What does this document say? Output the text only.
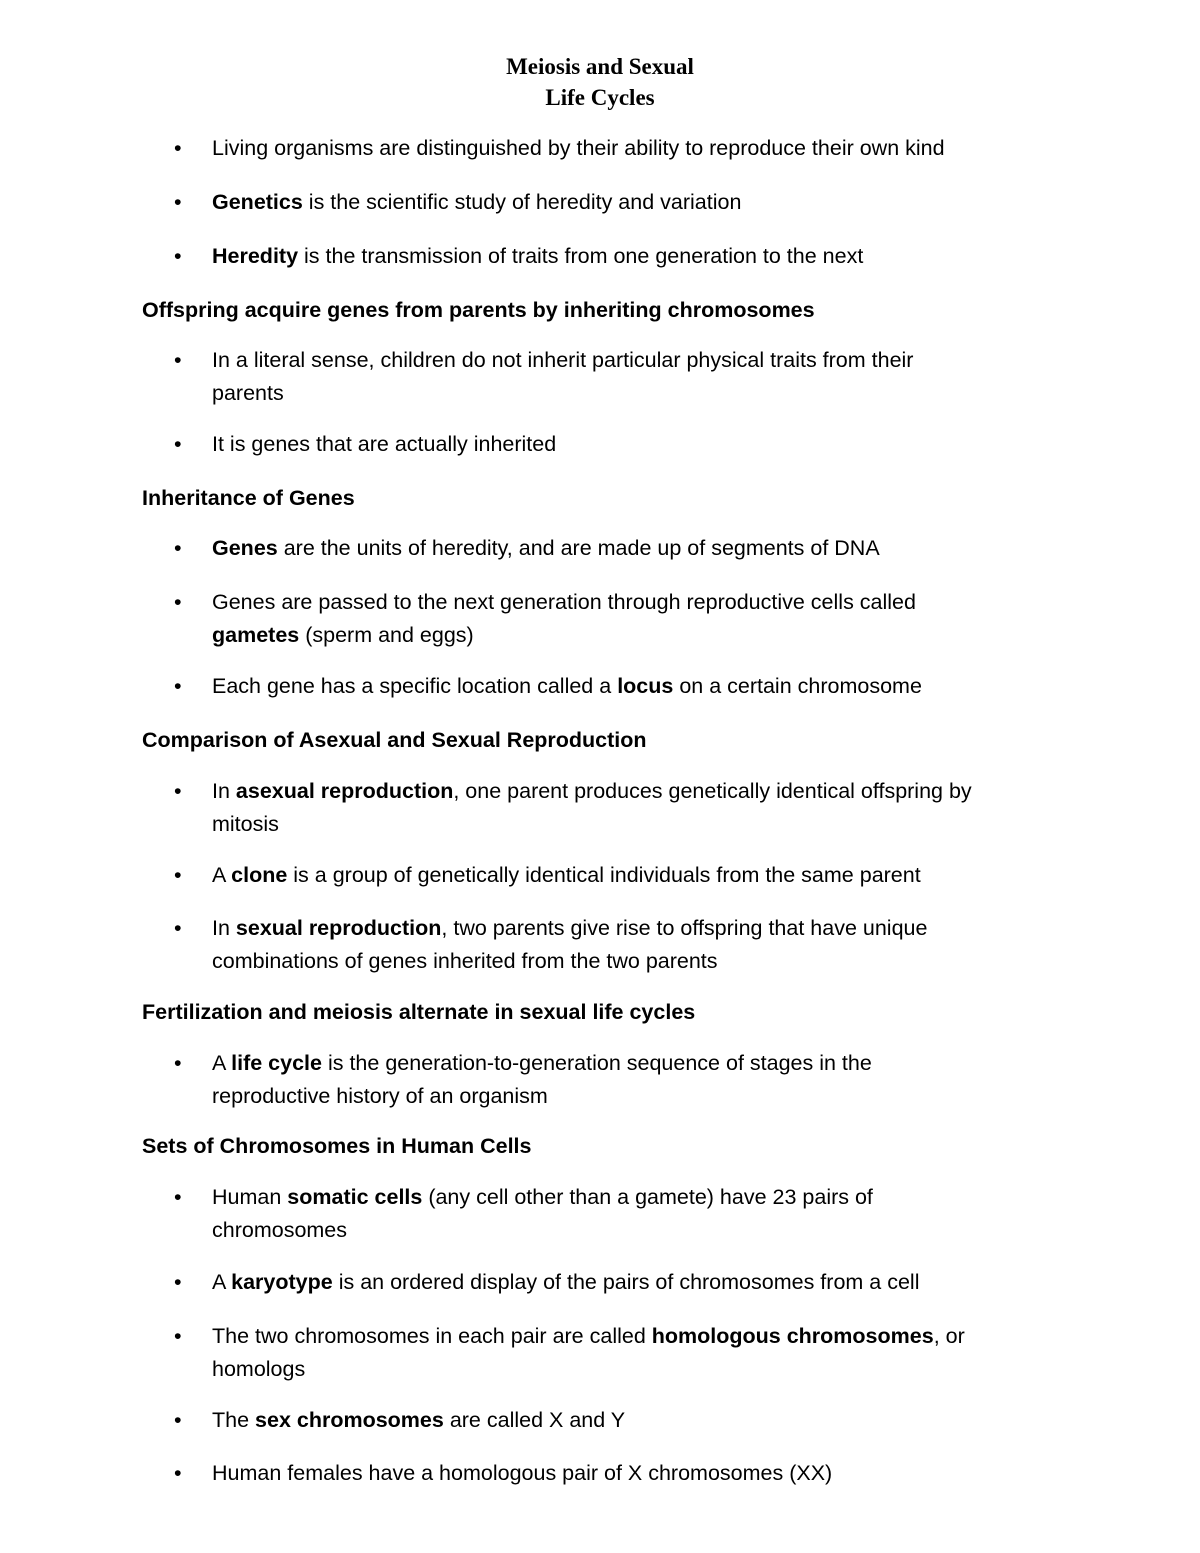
Meiosis and Sexual
Life Cycles
• Living organisms are distinguished by their ability to reproduce their own kind
• Genetics is the scientific study of heredity and variation
• Heredity is the transmission of traits from one generation to the next
Offspring acquire genes from parents by inheriting chromosomes
• In a literal sense, children do not inherit particular physical traits from their
parents
• It is genes that are actually inherited
Inheritance of Genes
• Genes are the units of heredity, and are made up of segments of DNA
• Genes are passed to the next generation through reproductive cells called
gametes (sperm and eggs)
• Each gene has a specific location called a locus on a certain chromosome
Comparison of Asexual and Sexual Reproduction
• In asexual reproduction, one parent produces genetically identical offspring by
mitosis
• A clone is a group of genetically identical individuals from the same parent
• In sexual reproduction, two parents give rise to offspring that have unique
combinations of genes inherited from the two parents
Fertilization and meiosis alternate in sexual life cycles
• A life cycle is the generation-to-generation sequence of stages in the
reproductive history of an organism
Sets of Chromosomes in Human Cells
• Human somatic cells (any cell other than a gamete) have 23 pairs of
chromosomes
• A karyotype is an ordered display of the pairs of chromosomes from a cell
• The two chromosomes in each pair are called homologous chromosomes, or
homologs
• The sex chromosomes are called X and Y
• Human females have a homologous pair of X chromosomes (XX)
